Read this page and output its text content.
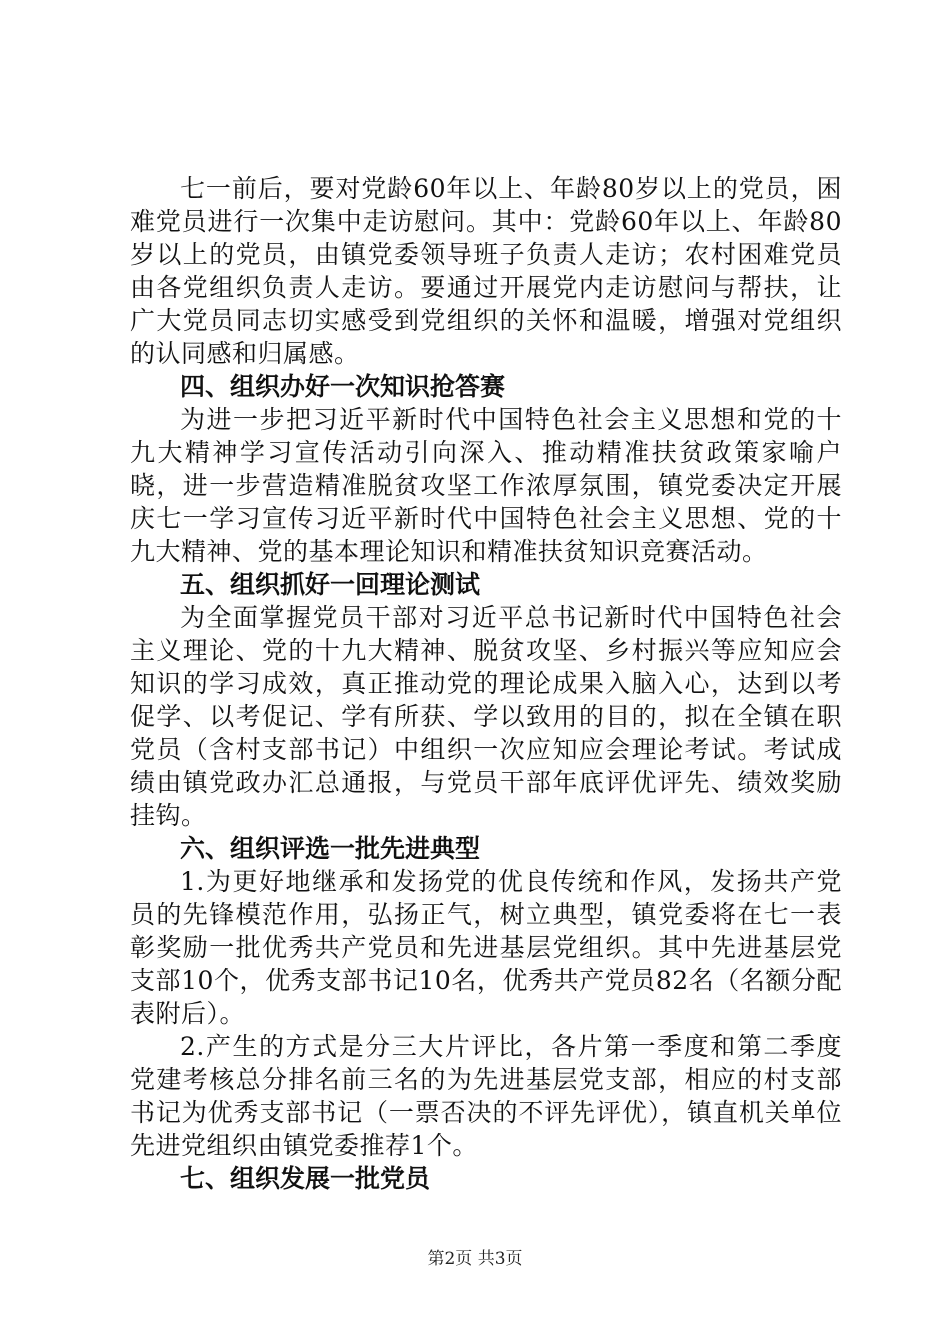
七一前后，要对党龄60年以上、年龄80岁以上的党员，困难党员进行一次集中走访慰问。其中：党龄60年以上、年龄80岁以上的党员，由镇党委领导班子负责人走访；农村困难党员由各党组织负责人走访。要通过开展党内走访慰问与帮扶，让广大党员同志切实感受到党组织的关怀和温暖，增强对党组织的认同感和归属感。

四、组织办好一次知识抢答赛

为进一步把习近平新时代中国特色社会主义思想和党的十九大精神学习宣传活动引向深入、推动精准扶贫政策家喻户晓，进一步营造精准脱贫攻坚工作浓厚氛围，镇党委决定开展庆七一学习宣传习近平新时代中国特色社会主义思想、党的十九大精神、党的基本理论知识和精准扶贫知识竞赛活动。

五、组织抓好一回理论测试

为全面掌握党员干部对习近平总书记新时代中国特色社会主义理论、党的十九大精神、脱贫攻坚、乡村振兴等应知应会知识的学习成效，真正推动党的理论成果入脑入心，达到以考促学、以考促记、学有所获、学以致用的目的，拟在全镇在职党员（含村支部书记）中组织一次应知应会理论考试。考试成绩由镇党政办汇总通报，与党员干部年底评优评先、绩效奖励挂钩。

六、组织评选一批先进典型

1.为更好地继承和发扬党的优良传统和作风，发扬共产党员的先锋模范作用，弘扬正气，树立典型，镇党委将在七一表彰奖励一批优秀共产党员和先进基层党组织。其中先进基层党支部10个，优秀支部书记10名，优秀共产党员82名（名额分配表附后）。

2.产生的方式是分三大片评比，各片第一季度和第二季度党建考核总分排名前三名的为先进基层党支部，相应的村支部书记为优秀支部书记（一票否决的不评先评优），镇直机关单位先进党组织由镇党委推荐1个。

七、组织发展一批党员
第2页 共3页
